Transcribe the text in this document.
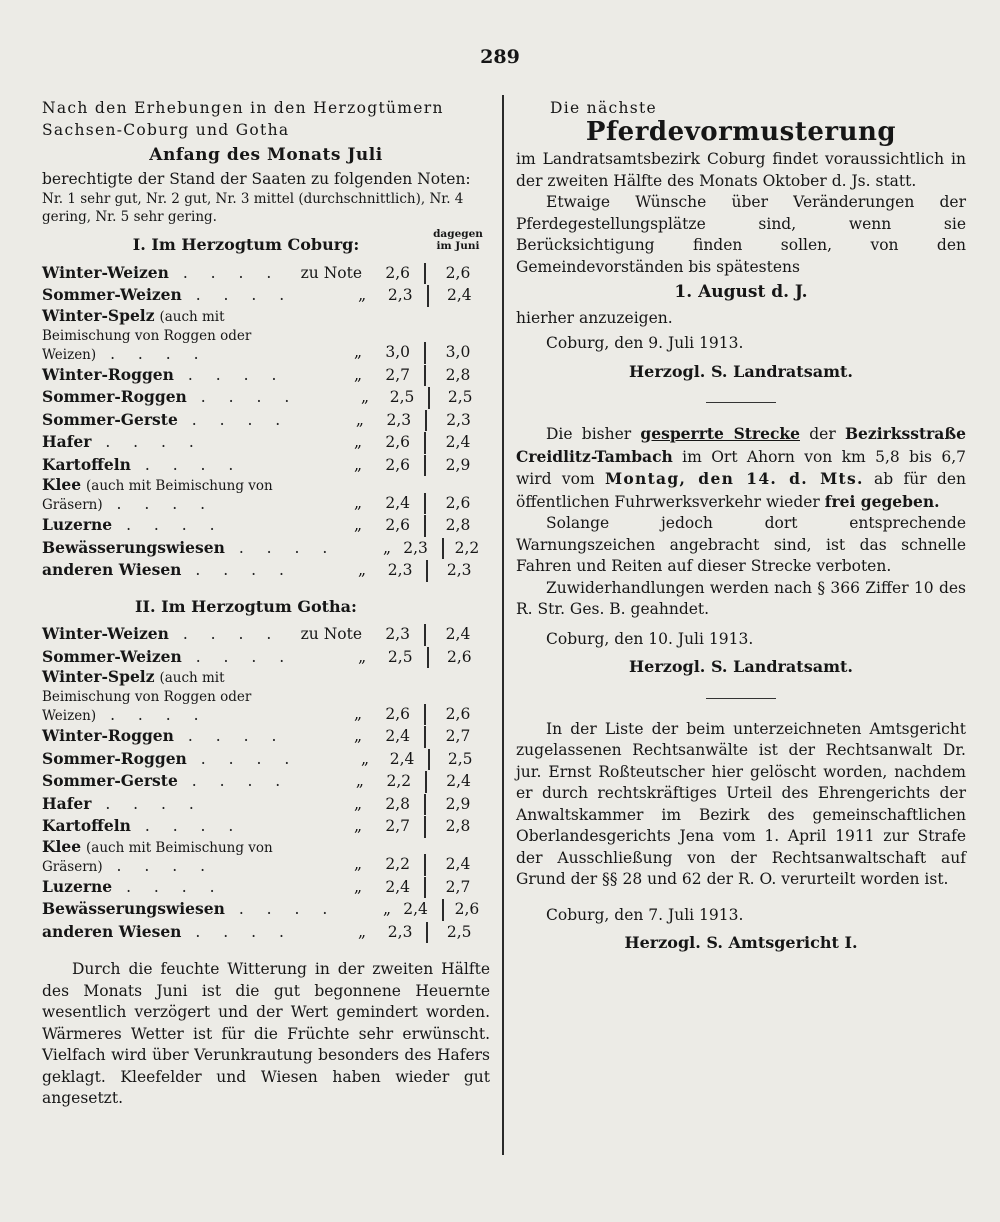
289

Nach den Erhebungen in den Herzogtümern

Sachsen-Coburg und Gotha

Anfang des Monats Juli

berechtigte der Stand der Saaten zu folgenden Noten:

Nr. 1 sehr gut, Nr. 2 gut, Nr. 3 mittel (durchschnittlich), Nr. 4 gering, Nr. 5 sehr gering.

dagegen im Juni

I. Im Herzogtum Coburg:

Winter-Weizen . . . .	zu Note	2,6	2,6
Sommer-Weizen . . . .	„	2,3	2,4
Winter-Spelz (auch mit Beimischung von Roggen oder Weizen) . . . .	„	3,0	3,0
Winter-Roggen . . . .	„	2,7	2,8
Sommer-Roggen . . . .	„	2,5	2,5
Sommer-Gerste . . . .	„	2,3	2,3
Hafer . . . .	„	2,6	2,4
Kartoffeln . . . .	„	2,6	2,9
Klee (auch mit Beimischung von Gräsern) . . . .	„	2,4	2,6
Luzerne . . . .	„	2,6	2,8
Bewässerungswiesen . . . .	„ 2,3	2,2
anderen Wiesen . . . .	„	2,3	2,3

II. Im Herzogtum Gotha:

Winter-Weizen . . . .	zu Note	2,3	2,4
Sommer-Weizen . . . .	„	2,5	2,6
Winter-Spelz (auch mit Beimischung von Roggen oder Weizen) . . . .	„	2,6	2,6
Winter-Roggen . . . .	„	2,4	2,7
Sommer-Roggen . . . .	„	2,4	2,5
Sommer-Gerste . . . .	„	2,2	2,4
Hafer . . . .	„	2,8	2,9
Kartoffeln . . . .	„	2,7	2,8
Klee (auch mit Beimischung von Gräsern) . . . .	„	2,2	2,4
Luzerne . . . .	„	2,4	2,7
Bewässerungswiesen . . . .	„ 2,4	2,6
anderen Wiesen . . . .	„	2,3	2,5

Durch die feuchte Witterung in der zweiten Hälfte des Monats Juni ist die gut begonnene Heuernte wesentlich verzögert und der Wert gemindert worden. Wärmeres Wetter ist für die Früchte sehr erwünscht. Vielfach wird über Verunkrautung besonders des Hafers geklagt. Kleefelder und Wiesen haben wieder gut angesetzt.

Die nächste

Pferdevormusterung

im Landratsamtsbezirk Coburg findet voraussichtlich in der zweiten Hälfte des Monats Oktober d. Js. statt.

Etwaige Wünsche über Veränderungen der Pferdegestellungsplätze sind, wenn sie Berücksichtigung finden sollen, von den Gemeindevorständen bis spätestens

1. August d. J.

hierher anzuzeigen.

Coburg, den 9. Juli 1913.

Herzogl. S. Landratsamt.

Die bisher gesperrte Strecke der Bezirksstraße Creidlitz-Tambach im Ort Ahorn von km 5,8 bis 6,7 wird vom Montag, den 14. d. Mts. ab für den öffentlichen Fuhrwerksverkehr wieder frei gegeben.

Solange jedoch dort entsprechende Warnungszeichen angebracht sind, ist das schnelle Fahren und Reiten auf dieser Strecke verboten.

Zuwiderhandlungen werden nach § 366 Ziffer 10 des R. Str. Ges. B. geahndet.

Coburg, den 10. Juli 1913.

Herzogl. S. Landratsamt.

In der Liste der beim unterzeichneten Amtsgericht zugelassenen Rechtsanwälte ist der Rechtsanwalt Dr. jur. Ernst Roßteutscher hier gelöscht worden, nachdem er durch rechtskräftiges Urteil des Ehrengerichts der Anwaltskammer im Bezirk des gemeinschaftlichen Oberlandesgerichts Jena vom 1. April 1911 zur Strafe der Ausschließung von der Rechtsanwaltschaft auf Grund der §§ 28 und 62 der R. O. verurteilt worden ist.

Coburg, den 7. Juli 1913.

Herzogl. S. Amtsgericht I.
